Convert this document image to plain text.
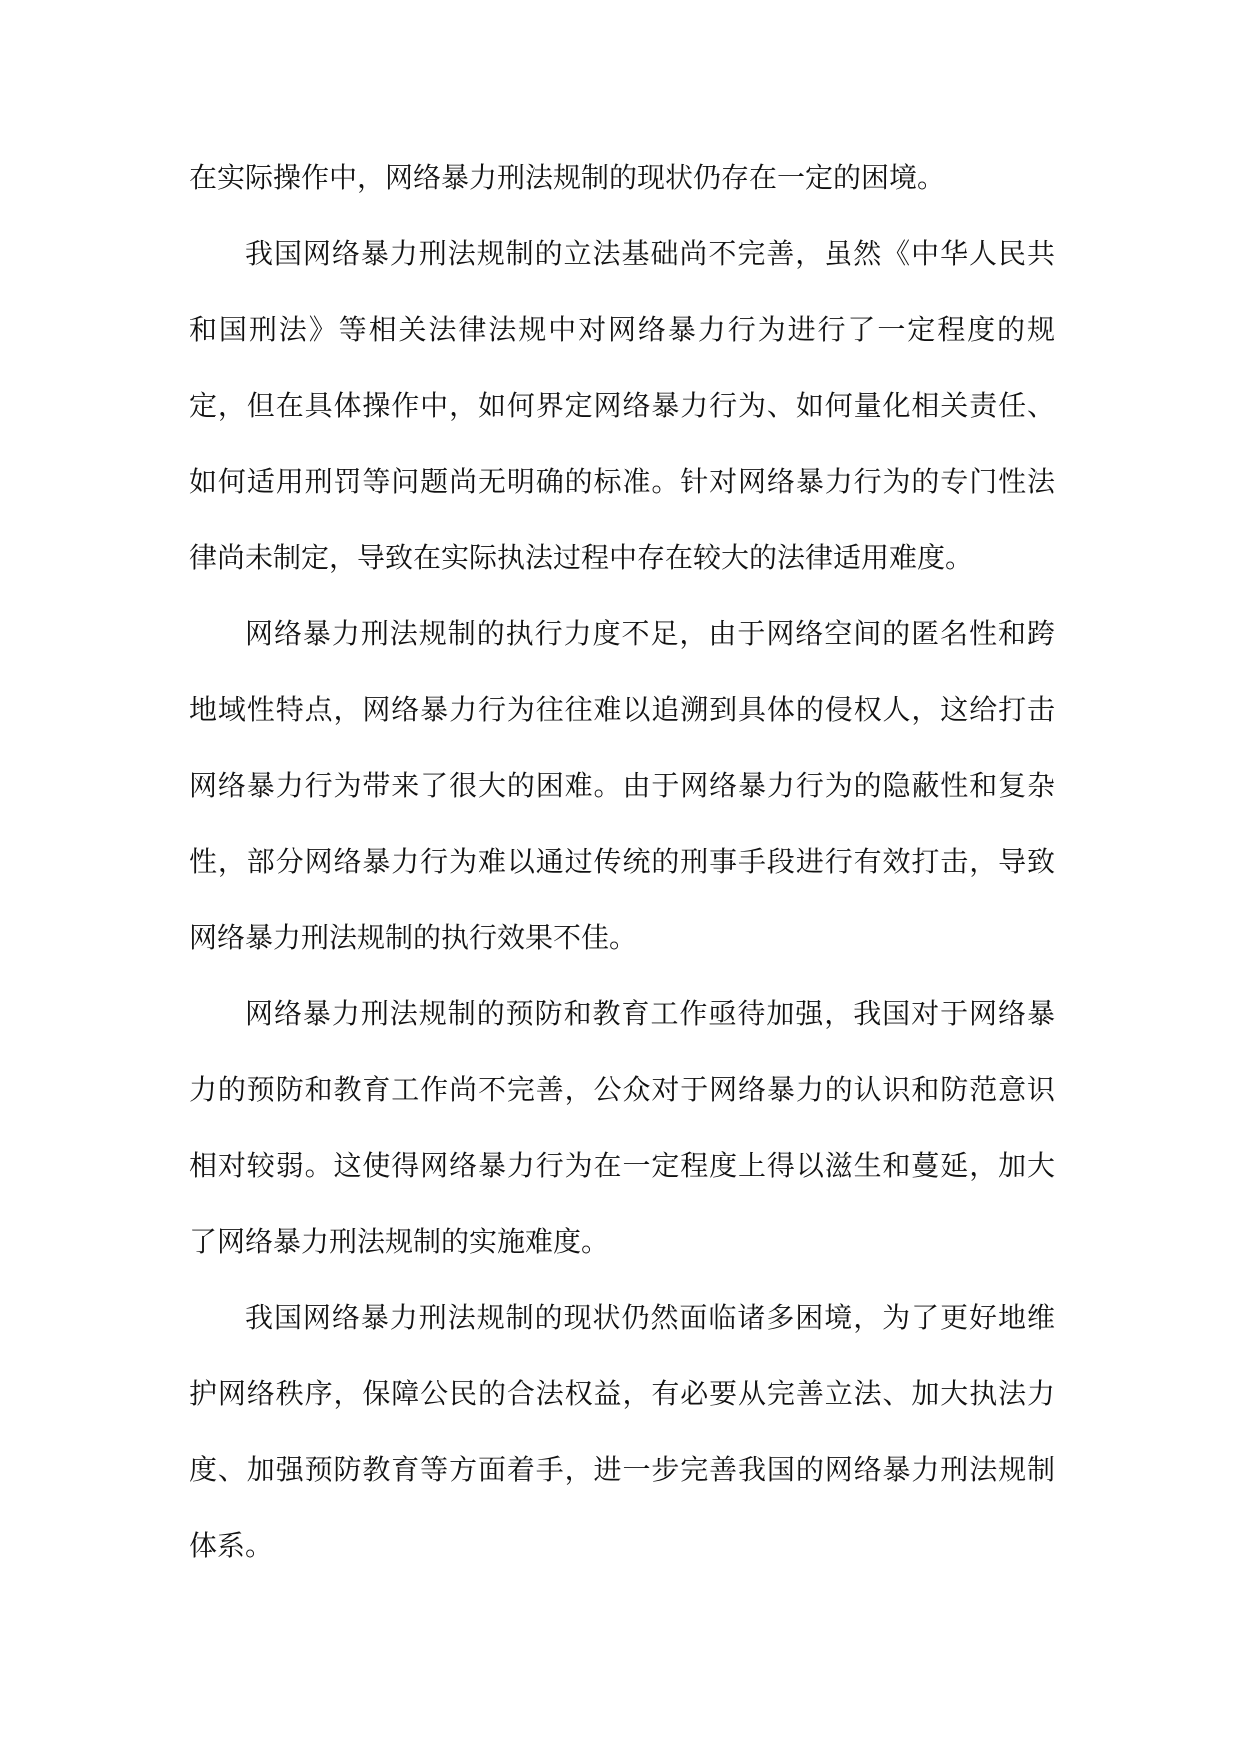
在实际操作中，网络暴力刑法规制的现状仍存在一定的困境。

我国网络暴力刑法规制的立法基础尚不完善，虽然《中华人民共和国刑法》等相关法律法规中对网络暴力行为进行了一定程度的规定，但在具体操作中，如何界定网络暴力行为、如何量化相关责任、如何适用刑罚等问题尚无明确的标准。针对网络暴力行为的专门性法律尚未制定，导致在实际执法过程中存在较大的法律适用难度。

网络暴力刑法规制的执行力度不足，由于网络空间的匿名性和跨地域性特点，网络暴力行为往往难以追溯到具体的侵权人，这给打击网络暴力行为带来了很大的困难。由于网络暴力行为的隐蔽性和复杂性，部分网络暴力行为难以通过传统的刑事手段进行有效打击，导致网络暴力刑法规制的执行效果不佳。

网络暴力刑法规制的预防和教育工作亟待加强，我国对于网络暴力的预防和教育工作尚不完善，公众对于网络暴力的认识和防范意识相对较弱。这使得网络暴力行为在一定程度上得以滋生和蔓延，加大了网络暴力刑法规制的实施难度。

我国网络暴力刑法规制的现状仍然面临诸多困境，为了更好地维护网络秩序，保障公民的合法权益，有必要从完善立法、加大执法力度、加强预防教育等方面着手，进一步完善我国的网络暴力刑法规制体系。
